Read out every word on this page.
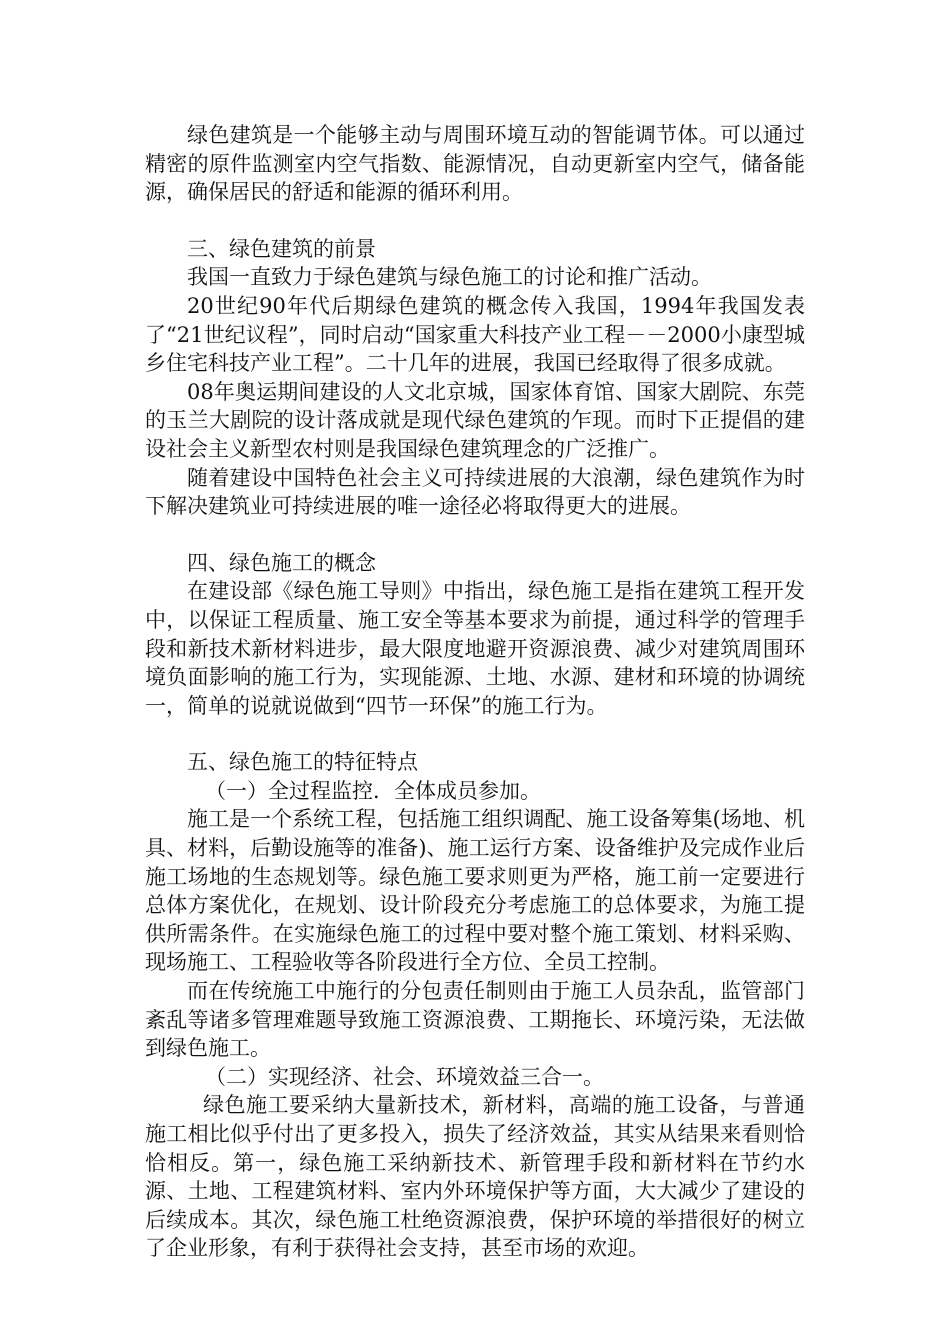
绿色建筑是一个能够主动与周围环境互动的智能调节体。可以通过精密的原件监测室内空气指数、能源情况，自动更新室内空气，储备能源，确保居民的舒适和能源的循环利用。

三、绿色建筑的前景

我国一直致力于绿色建筑与绿色施工的讨论和推广活动。

20世纪90年代后期绿色建筑的概念传入我国，1994年我国发表了“21世纪议程”，同时启动“国家重大科技产业工程－－2000小康型城乡住宅科技产业工程”。二十几年的进展，我国已经取得了很多成就。

08年奥运期间建设的人文北京城，国家体育馆、国家大剧院、东莞的玉兰大剧院的设计落成就是现代绿色建筑的乍现。而时下正提倡的建设社会主义新型农村则是我国绿色建筑理念的广泛推广。

随着建设中国特色社会主义可持续进展的大浪潮，绿色建筑作为时下解决建筑业可持续进展的唯一途径必将取得更大的进展。

四、绿色施工的概念

在建设部《绿色施工导则》中指出，绿色施工是指在建筑工程开发中，以保证工程质量、施工安全等基本要求为前提，通过科学的管理手段和新技术新材料进步，最大限度地避开资源浪费、减少对建筑周围环境负面影响的施工行为，实现能源、土地、水源、建材和环境的协调统一，简单的说就说做到“四节一环保”的施工行为。

五、绿色施工的特征特点

（一）全过程监控．全体成员参加。

施工是一个系统工程，包括施工组织调配、施工设备筹集(场地、机具、材料，后勤设施等的准备)、施工运行方案、设备维护及完成作业后施工场地的生态规划等。绿色施工要求则更为严格，施工前一定要进行总体方案优化，在规划、设计阶段充分考虑施工的总体要求，为施工提供所需条件。在实施绿色施工的过程中要对整个施工策划、材料采购、现场施工、工程验收等各阶段进行全方位、全员工控制。

而在传统施工中施行的分包责任制则由于施工人员杂乱，监管部门紊乱等诸多管理难题导致施工资源浪费、工期拖长、环境污染，无法做到绿色施工。

（二）实现经济、社会、环境效益三合一。

绿色施工要采纳大量新技术，新材料，高端的施工设备，与普通施工相比似乎付出了更多投入，损失了经济效益，其实从结果来看则恰恰相反。第一，绿色施工采纳新技术、新管理手段和新材料在节约水源、土地、工程建筑材料、室内外环境保护等方面，大大减少了建设的后续成本。其次，绿色施工杜绝资源浪费，保护环境的举措很好的树立了企业形象，有利于获得社会支持，甚至市场的欢迎。
